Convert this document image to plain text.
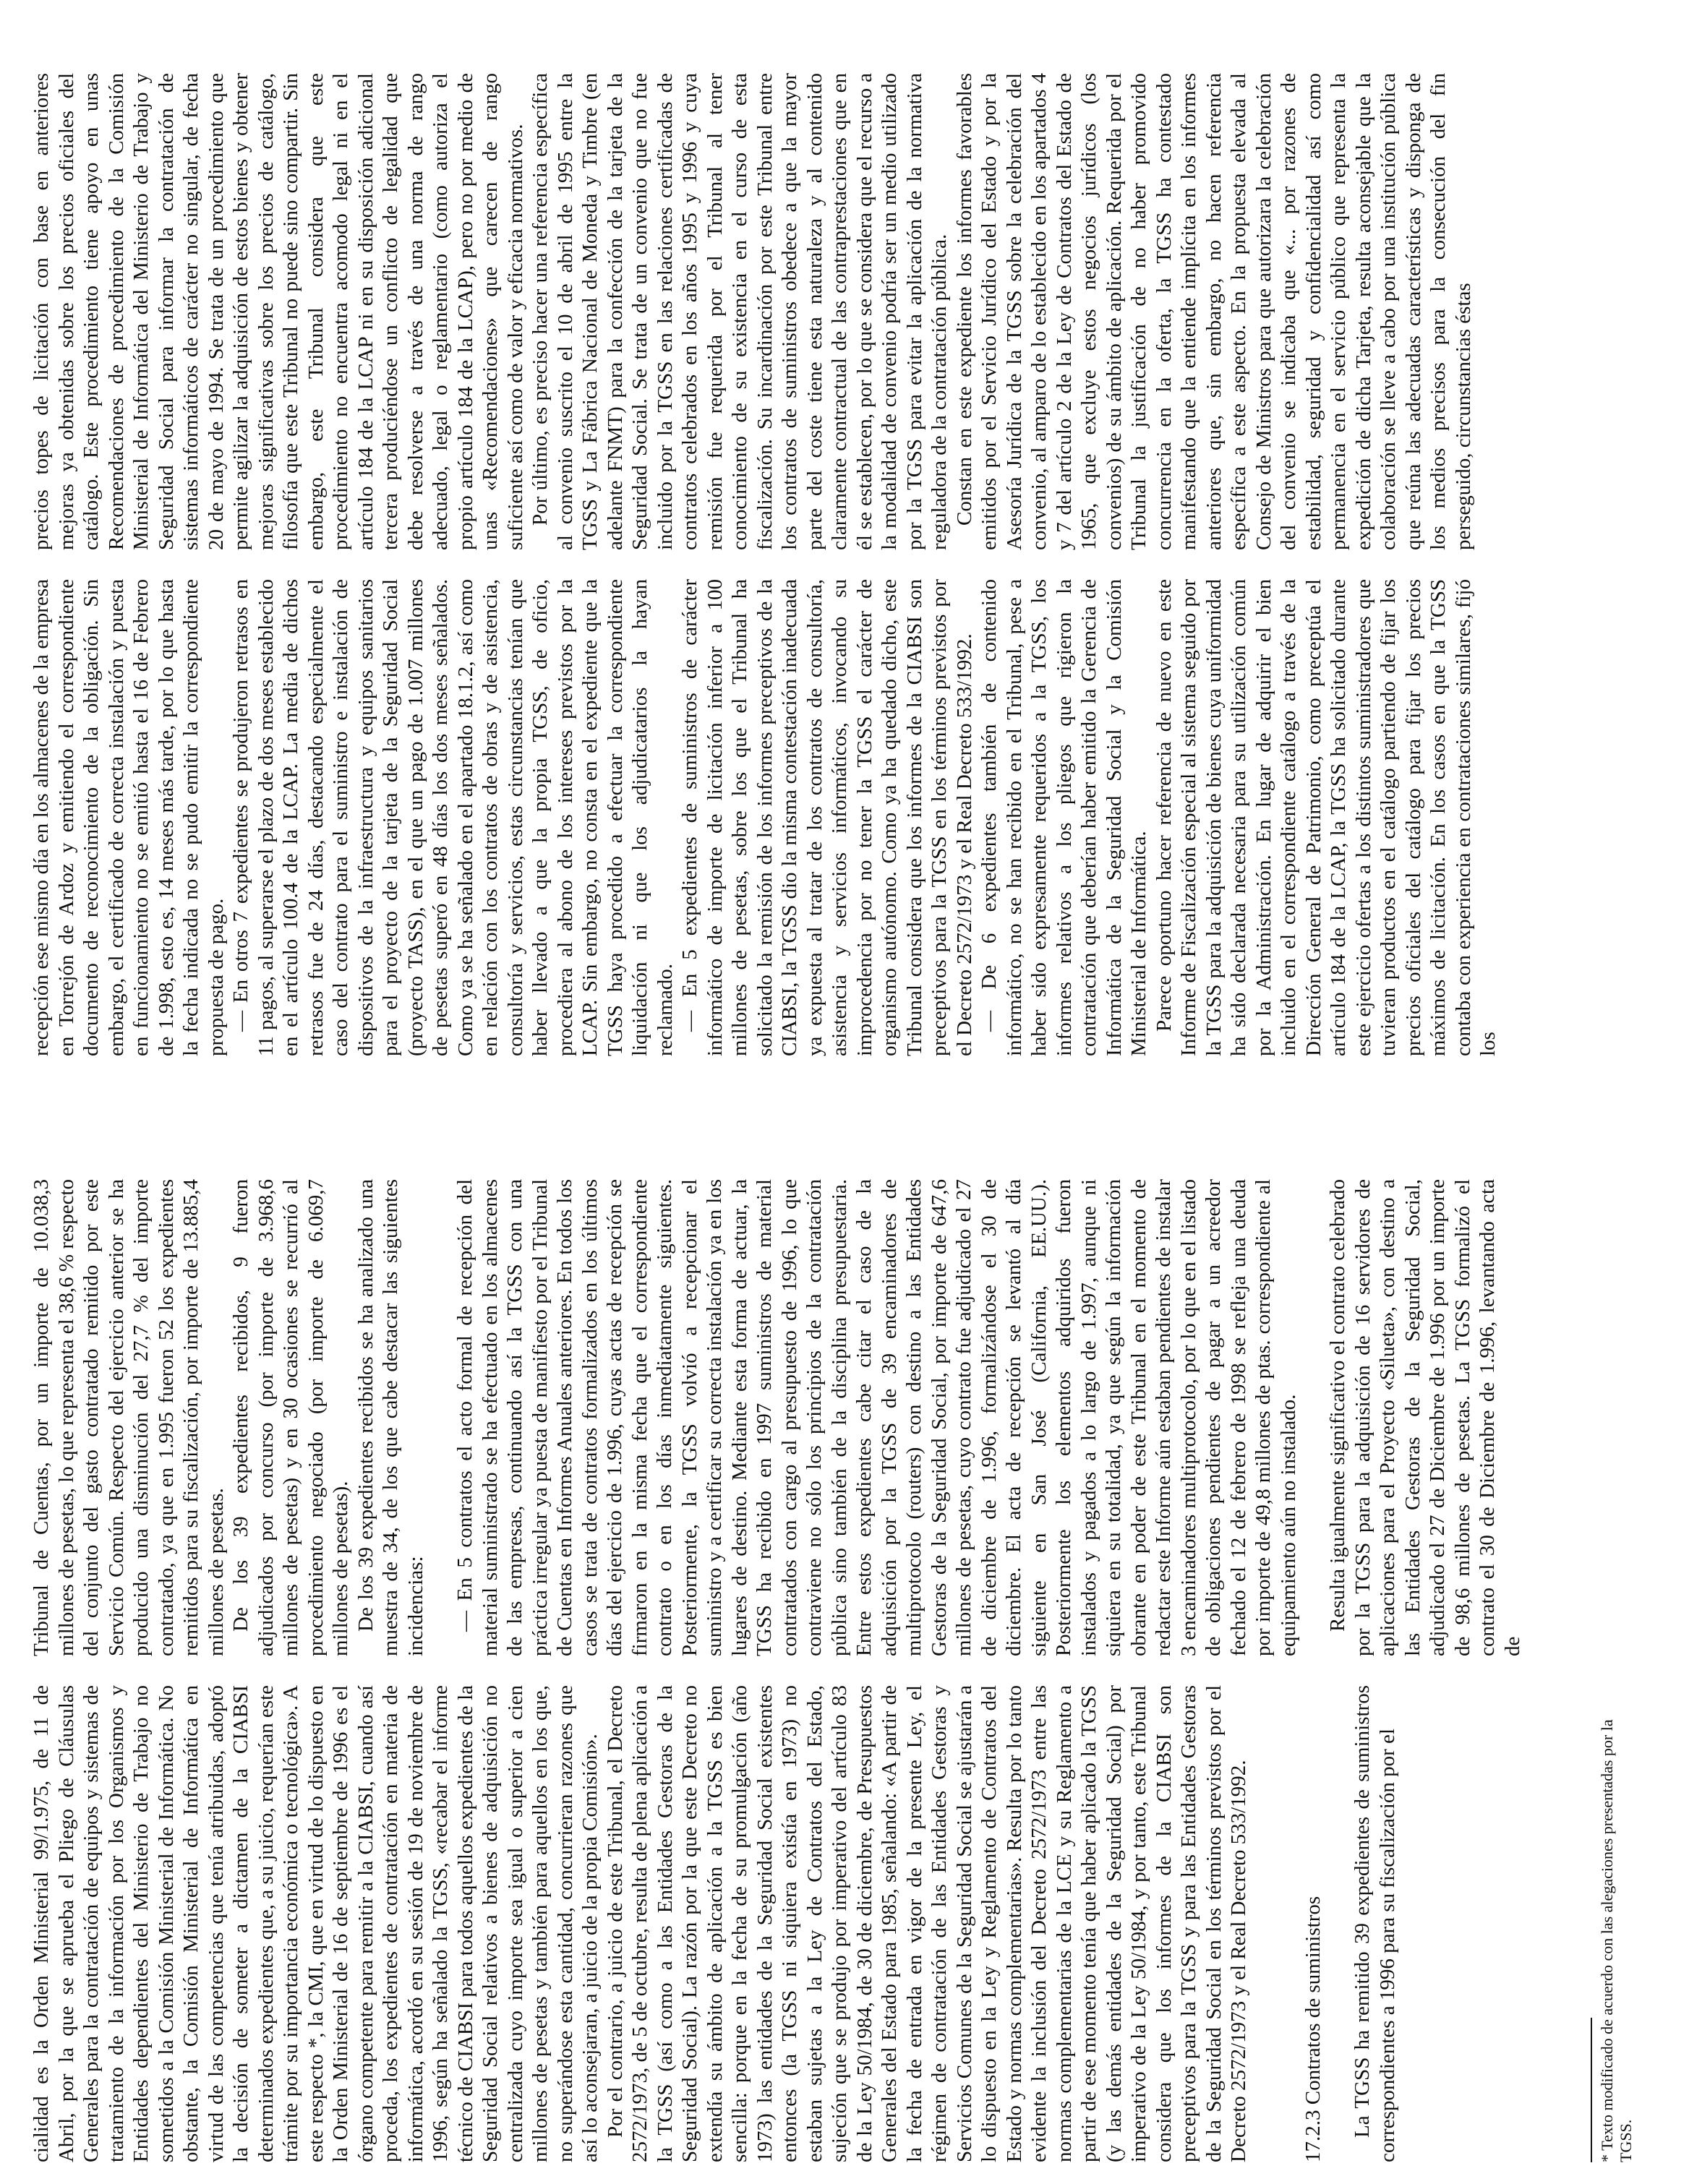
cialidad es la Orden Ministerial 99/1.975, de 11 de Abril, por la que se aprueba el Pliego de Cláusulas Generales para la contratación de equipos y sistemas de tratamiento de la información por los Organismos y Entidades dependientes del Ministerio de Trabajo no sometidos a la Comisión Ministerial de Informática. No obstante, la Comisión Ministerial de Informática en virtud de las competencias que tenía atribuidas, adoptó la decisión de someter a dictamen de la CIABSI determinados expedientes que, a su juicio, requerían este trámite por su importancia económica o tecnológica». A este respecto *, la CMI, que en virtud de lo dispuesto en la Orden Ministerial de 16 de septiembre de 1996 es el órgano competente para remitir a la CIABSI, cuando así proceda, los expedientes de contratación en materia de informática, acordó en su sesión de 19 de noviembre de 1996, según ha señalado la TGSS, «recabar el informe técnico de CIABSI para todos aquellos expedientes de la Seguridad Social relativos a bienes de adquisición no centralizada cuyo importe sea igual o superior a cien millones de pesetas y también para aquellos en los que, no superándose esta cantidad, concurrieran razones que así lo aconsejaran, a juicio de la propia Comisión». Por el contrario, a juicio de este Tribunal, el Decreto 2572/1973, de 5 de octubre, resulta de plena aplicación a la TGSS (así como a las Entidades Gestoras de la Seguridad Social). La razón por la que este Decreto no extendía su ámbito de aplicación a la TGSS es bien sencilla: porque en la fecha de su promulgación (año 1973) las entidades de la Seguridad Social existentes entonces (la TGSS ni siquiera existía en 1973) no estaban sujetas a la Ley de Contratos del Estado, sujeción que se produjo por imperativo del artículo 83 de la Ley 50/1984, de 30 de diciembre, de Presupuestos Generales del Estado para 1985, señalando: «A partir de la fecha de entrada en vigor de la presente Ley, el régimen de contratación de las Entidades Gestoras y Servicios Comunes de la Seguridad Social se ajustarán a lo dispuesto en la Ley y Reglamento de Contratos del Estado y normas complementarias». Resulta por lo tanto evidente la inclusión del Decreto 2572/1973 entre las normas complementarias de la LCE y su Reglamento a partir de ese momento tenía que haber aplicado la TGSS (y las demás entidades de la Seguridad Social) por imperativo de la Ley 50/1984, y por tanto, este Tribunal considera que los informes de la CIABSI son preceptivos para la TGSS y para las Entidades Gestoras de la Seguridad Social en los términos previstos por el Decreto 2572/1973 y el Real Decreto 533/1992. 17.2.3 Contratos de suministros La TGSS ha remitido 39 expedientes de suministros correspondientes a 1996 para su fiscalización por el	* Texto modificado de acuerdo con las alegaciones presentadas por la TGSS.

Tribunal de Cuentas, por un importe de 10.038,3 millones de pesetas, lo que representa el 38,6 % respecto del conjunto del gasto contratado remitido por este Servicio Común. Respecto del ejercicio anterior se ha producido una disminución del 27,7 % del importe contratado, ya que en 1.995 fueron 52 los expedientes remitidos para su fiscalización, por importe de 13.885,4 millones de pesetas. De los 39 expedientes recibidos, 9 fueron adjudicados por concurso (por importe de 3.968,6 millones de pesetas) y en 30 ocasiones se recurrió al procedimiento negociado (por importe de 6.069,7 millones de pesetas). De los 39 expedientes recibidos se ha analizado una muestra de 34, de los que cabe destacar las siguientes incidencias: — En 5 contratos el acto formal de recepción del material suministrado se ha efectuado en los almacenes de las empresas, continuando así la TGSS con una práctica irregular ya puesta de manifiesto por el Tribunal de Cuentas en Informes Anuales anteriores. En todos los casos se trata de contratos formalizados en los últimos días del ejercicio de 1.996, cuyas actas de recepción se firmaron en la misma fecha que el correspondiente contrato o en los días inmediatamente siguientes. Posteriormente, la TGSS volvió a recepcionar el suministro y a certificar su correcta instalación ya en los lugares de destino. Mediante esta forma de actuar, la TGSS ha recibido en 1997 suministros de material contratados con cargo al presupuesto de 1996, lo que contraviene no sólo los principios de la contratación pública sino también de la disciplina presupuestaria. Entre estos expedientes cabe citar el caso de la adquisición por la TGSS de 39 encaminadores de multiprotocolo (routers) con destino a las Entidades Gestoras de la Seguridad Social, por importe de 647,6 millones de pesetas, cuyo contrato fue adjudicado el 27 de diciembre de 1.996, formalizándose el 30 de diciembre. El acta de recepción se levantó al día siguiente en San José (California, EE.UU.). Posteriormente los elementos adquiridos fueron instalados y pagados a lo largo de 1.997, aunque ni siquiera en su totalidad, ya que según la información obrante en poder de este Tribunal en el momento de redactar este Informe aún estaban pendientes de instalar 3 encaminadores multiprotocolo, por lo que en el listado de obligaciones pendientes de pagar a un acreedor fechado el 12 de febrero de 1998 se refleja una deuda por importe de 49,8 millones de ptas. correspondiente al equipamiento aún no instalado. Resulta igualmente significativo el contrato celebrado por la TGSS para la adquisición de 16 servidores de aplicaciones para el Proyecto «Silueta», con destino a las Entidades Gestoras de la Seguridad Social, adjudicado el 27 de Diciembre de 1.996 por un importe de 98,6 millones de pesetas. La TGSS formalizó el contrato el 30 de Diciembre de 1.996, levantando acta de

recepción ese mismo día en los almacenes de la empresa en Torrejón de Ardoz y emitiendo el correspondiente documento de reconocimiento de la obligación. Sin embargo, el certificado de correcta instalación y puesta en funcionamiento no se emitió hasta el 16 de Febrero de 1.998, esto es, 14 meses más tarde, por lo que hasta la fecha indicada no se pudo emitir la correspondiente propuesta de pago. — En otros 7 expedientes se produjeron retrasos en 11 pagos, al superarse el plazo de dos meses establecido en el artículo 100.4 de la LCAP. La media de dichos retrasos fue de 24 días, destacando especialmente el caso del contrato para el suministro e instalación de dispositivos de la infraestructura y equipos sanitarios para el proyecto de la tarjeta de la Seguridad Social (proyecto TASS), en el que un pago de 1.007 millones de pesetas superó en 48 días los dos meses señalados. Como ya se ha señalado en el apartado 18.1.2, así como en relación con los contratos de obras y de asistencia, consultoría y servicios, estas circunstancias tenían que haber llevado a que la propia TGSS, de oficio, procediera al abono de los intereses previstos por la LCAP. Sin embargo, no consta en el expediente que la TGSS haya procedido a efectuar la correspondiente liquidación ni que los adjudicatarios la hayan reclamado. — En 5 expedientes de suministros de carácter informático de importe de licitación inferior a 100 millones de pesetas, sobre los que el Tribunal ha solicitado la remisión de los informes preceptivos de la CIABSI, la TGSS dio la misma contestación inadecuada ya expuesta al tratar de los contratos de consultoría, asistencia y servicios informáticos, invocando su improcedencia por no tener la TGSS el carácter de organismo autónomo. Como ya ha quedado dicho, este Tribunal considera que los informes de la CIABSI son preceptivos para la TGSS en los términos previstos por el Decreto 2572/1973 y el Real Decreto 533/1992. — De 6 expedientes también de contenido informático, no se han recibido en el Tribunal, pese a haber sido expresamente requeridos a la TGSS, los informes relativos a los pliegos que rigieron la contratación que deberían haber emitido la Gerencia de Informática de la Seguridad Social y la Comisión Ministerial de Informática. Parece oportuno hacer referencia de nuevo en este Informe de Fiscalización especial al sistema seguido por la TGSS para la adquisición de bienes cuya uniformidad ha sido declarada necesaria para su utilización común por la Administración. En lugar de adquirir el bien incluido en el correspondiente catálogo a través de la Dirección General de Patrimonio, como preceptúa el artículo 184 de la LCAP, la TGSS ha solicitado durante este ejercicio ofertas a los distintos suministradores que tuvieran productos en el catálogo partiendo de fijar los precios oficiales del catálogo para fijar los precios máximos de licitación. En los casos en que la TGSS contaba con experiencia en contrataciones similares, fijó los

precios topes de licitación con base en anteriores mejoras ya obtenidas sobre los precios oficiales del catálogo. Este procedimiento tiene apoyo en unas Recomendaciones de procedimiento de la Comisión Ministerial de Informática del Ministerio de Trabajo y Seguridad Social para informar la contratación de sistemas informáticos de carácter no singular, de fecha 20 de mayo de 1994. Se trata de un procedimiento que permite agilizar la adquisición de estos bienes y obtener mejoras significativas sobre los precios de catálogo, filosofía que este Tribunal no puede sino compartir. Sin embargo, este Tribunal considera que este procedimiento no encuentra acomodo legal ni en el artículo 184 de la LCAP ni en su disposición adicional tercera produciéndose un conflicto de legalidad que debe resolverse a través de una norma de rango adecuado, legal o reglamentario (como autoriza el propio artículo 184 de la LCAP), pero no por medio de unas «Recomendaciones» que carecen de rango suficiente así como de valor y eficacia normativos. Por último, es preciso hacer una referencia específica al convenio suscrito el 10 de abril de 1995 entre la TGSS y La Fábrica Nacional de Moneda y Timbre (en adelante FNMT) para la confección de la tarjeta de la Seguridad Social. Se trata de un convenio que no fue incluido por la TGSS en las relaciones certificadas de contratos celebrados en los años 1995 y 1996 y cuya remisión fue requerida por el Tribunal al tener conocimiento de su existencia en el curso de esta fiscalización. Su incardinación por este Tribunal entre los contratos de suministros obedece a que la mayor parte del coste tiene esta naturaleza y al contenido claramente contractual de las contraprestaciones que en él se establecen, por lo que se considera que el recurso a la modalidad de convenio podría ser un medio utilizado por la TGSS para evitar la aplicación de la normativa reguladora de la contratación pública. Constan en este expediente los informes favorables emitidos por el Servicio Jurídico del Estado y por la Asesoría Jurídica de la TGSS sobre la celebración del convenio, al amparo de lo establecido en los apartados 4 y 7 del artículo 2 de la Ley de Contratos del Estado de 1965, que excluye estos negocios jurídicos (los convenios) de su ámbito de aplicación. Requerida por el Tribunal la justificación de no haber promovido concurrencia en la oferta, la TGSS ha contestado manifestando que la entiende implícita en los informes anteriores que, sin embargo, no hacen referencia específica a este aspecto. En la propuesta elevada al Consejo de Ministros para que autorizara la celebración del convenio se indicaba que «... por razones de estabilidad, seguridad y confidencialidad así como permanencia en el servicio público que representa la expedición de dicha Tarjeta, resulta aconsejable que la colaboración se lleve a cabo por una institución pública que reúna las adecuadas características y disponga de los medios precisos para la consecución del fin perseguido, circunstancias éstas
